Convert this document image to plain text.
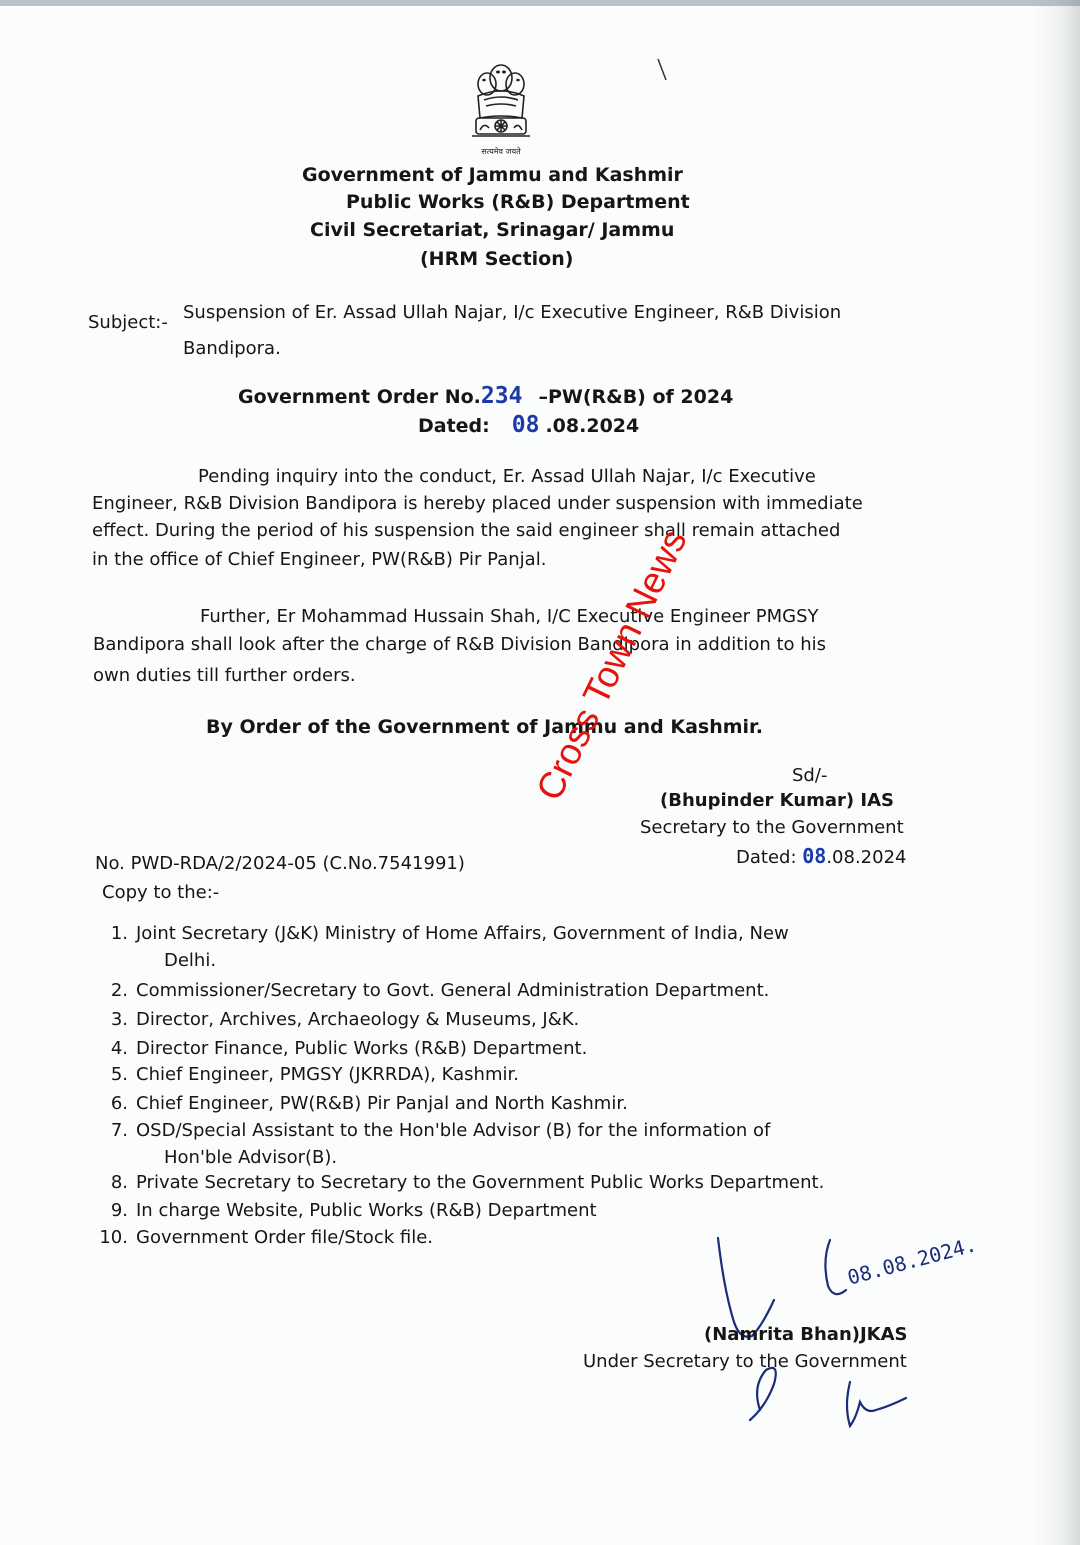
सत्यमेव जयते
Government of Jammu and Kashmir
Public Works (R&B) Department
Civil Secretariat, Srinagar/ Jammu
(HRM Section)
Subject:- Suspension of Er. Assad Ullah Najar, I/c Executive Engineer, R&B Division
Bandipora.
Government Order No.234 –PW(R&B) of 2024
Dated: 08 .08.2024
Pending inquiry into the conduct, Er. Assad Ullah Najar, I/c Executive
Engineer, R&B Division Bandipora is hereby placed under suspension with immediate
effect. During the period of his suspension the said engineer shall remain attached
in the office of Chief Engineer, PW(R&B) Pir Panjal.
Further, Er Mohammad Hussain Shah, I/C Executive Engineer PMGSY
Bandipora shall look after the charge of R&B Division Bandipora in addition to his
own duties till further orders.
By Order of the Government of Jammu and Kashmir.
Sd/-
(Bhupinder Kumar) IAS
Secretary to the Government
Dated: 08.08.2024
No. PWD-RDA/2/2024-05 (C.No.7541991)
Copy to the:-
1. Joint Secretary (J&K) Ministry of Home Affairs, Government of India, New
Delhi.
2. Commissioner/Secretary to Govt. General Administration Department.
3. Director, Archives, Archaeology & Museums, J&K.
4. Director Finance, Public Works (R&B) Department.
5. Chief Engineer, PMGSY (JKRRDA), Kashmir.
6. Chief Engineer, PW(R&B) Pir Panjal and North Kashmir.
7. OSD/Special Assistant to the Hon'ble Advisor (B) for the information of
Hon'ble Advisor(B).
8. Private Secretary to Secretary to the Government Public Works Department.
9. In charge Website, Public Works (R&B) Department
10. Government Order file/Stock file.	08.08.2024.
(Namrita Bhan)JKAS
Under Secretary to the Government
Cross Town News
